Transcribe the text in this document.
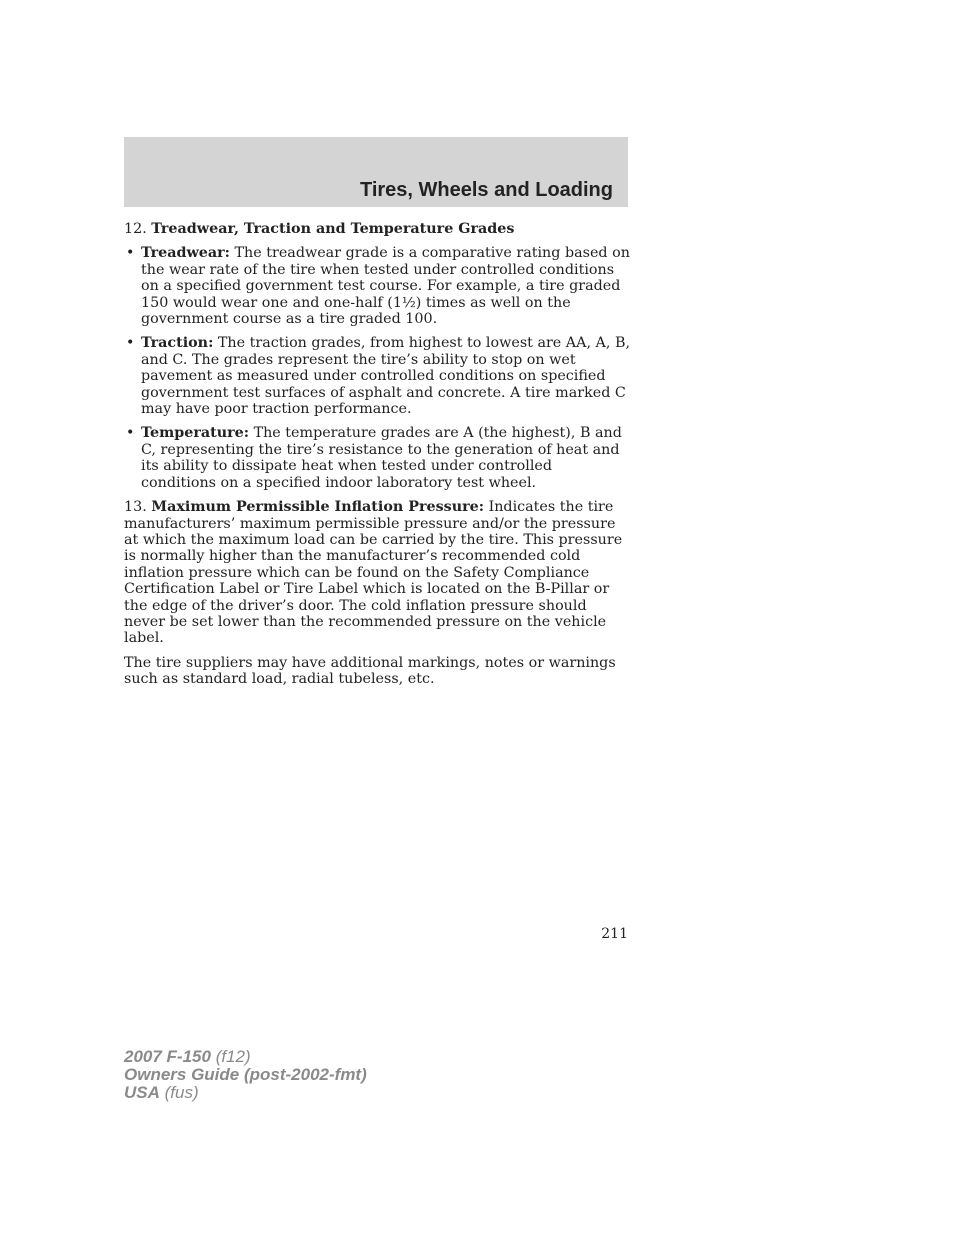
Tires, Wheels and Loading

12. Treadwear, Traction and Temperature Grades

• Treadwear: The treadwear grade is a comparative rating based on the wear rate of the tire when tested under controlled conditions on a specified government test course. For example, a tire graded 150 would wear one and one-half (1½) times as well on the government course as a tire graded 100.
• Traction: The traction grades, from highest to lowest are AA, A, B, and C. The grades represent the tire’s ability to stop on wet pavement as measured under controlled conditions on specified government test surfaces of asphalt and concrete. A tire marked C may have poor traction performance.
• Temperature: The temperature grades are A (the highest), B and C, representing the tire’s resistance to the generation of heat and its ability to dissipate heat when tested under controlled conditions on a specified indoor laboratory test wheel.

13. Maximum Permissible Inflation Pressure: Indicates the tire manufacturers’ maximum permissible pressure and/or the pressure at which the maximum load can be carried by the tire. This pressure is normally higher than the manufacturer’s recommended cold inflation pressure which can be found on the Safety Compliance Certification Label or Tire Label which is located on the B-Pillar or the edge of the driver’s door. The cold inflation pressure should never be set lower than the recommended pressure on the vehicle label.

The tire suppliers may have additional markings, notes or warnings such as standard load, radial tubeless, etc.

211
2007 F-150 (f12)
Owners Guide (post-2002-fmt)
USA (fus)
